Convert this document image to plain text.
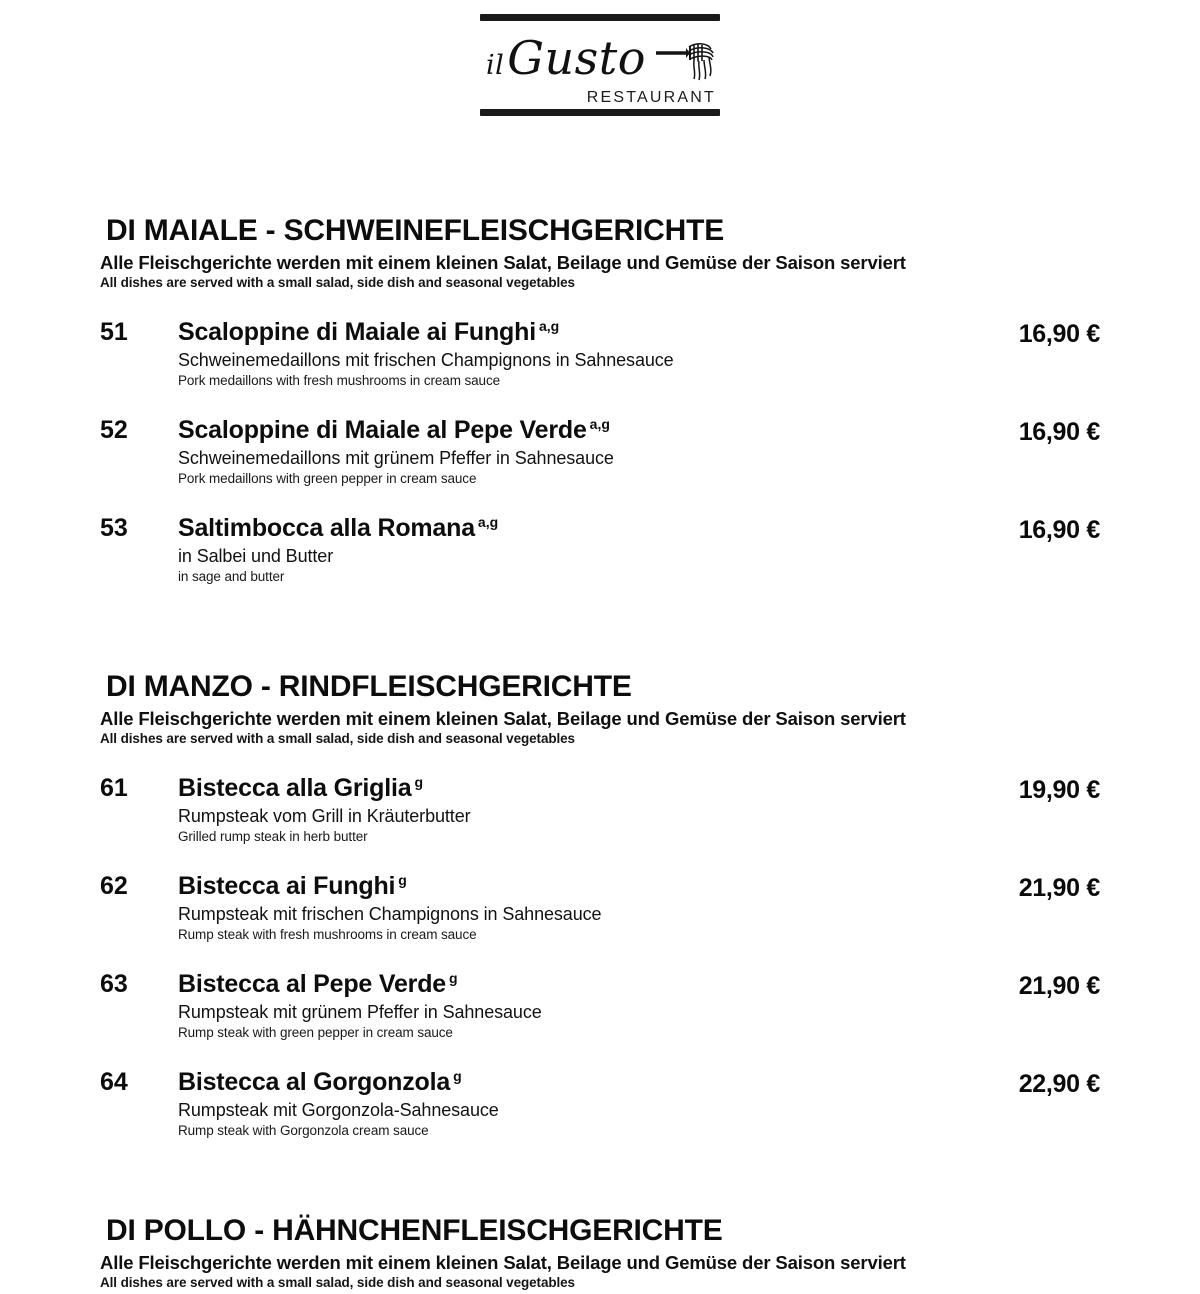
ilGusto
RESTAURANT
DI MAIALE - SCHWEINEFLEISCHGERICHTE

Alle Fleischgerichte werden mit einem kleinen Salat, Beilage und Gemüse der Saison serviert

All dishes are served with a small salad, side dish and seasonal vegetables

51	Scaloppine di Maiale ai Funghi $^{a,g}$
Schweinemedaillons mit frischen Champignons in Sahnesauce
Pork medaillons with fresh mushrooms in cream sauce
16,90 €
52	Scaloppine di Maiale al Pepe Verde $^{a,g}$
Schweinemedaillons mit grünem Pfeffer in Sahnesauce
Pork medaillons with green pepper in cream sauce
16,90 €
53	Saltimbocca alla Romana $^{a,g}$
in Salbei und Butter
in sage and butter
16,90 €
DI MANZO - RINDFLEISCHGERICHTE

Alle Fleischgerichte werden mit einem kleinen Salat, Beilage und Gemüse der Saison serviert

All dishes are served with a small salad, side dish and seasonal vegetables

61	Bistecca alla Griglia $^g$
Rumpsteak vom Grill in Kräuterbutter
Grilled rump steak in herb butter
19,90 €
62	Bistecca ai Funghi $^g$
Rumpsteak mit frischen Champignons in Sahnesauce
Rump steak with fresh mushrooms in cream sauce
21,90 €
63	Bistecca al Pepe Verde $^g$
Rumpsteak mit grünem Pfeffer in Sahnesauce
Rump steak with green pepper in cream sauce
21,90 €
64	Bistecca al Gorgonzola $^g$
Rumpsteak mit Gorgonzola-Sahnesauce
Rump steak with Gorgonzola cream sauce
22,90 €
DI POLLO - HÄHNCHENFLEISCHGERICHTE

Alle Fleischgerichte werden mit einem kleinen Salat, Beilage und Gemüse der Saison serviert

All dishes are served with a small salad, side dish and seasonal vegetables
